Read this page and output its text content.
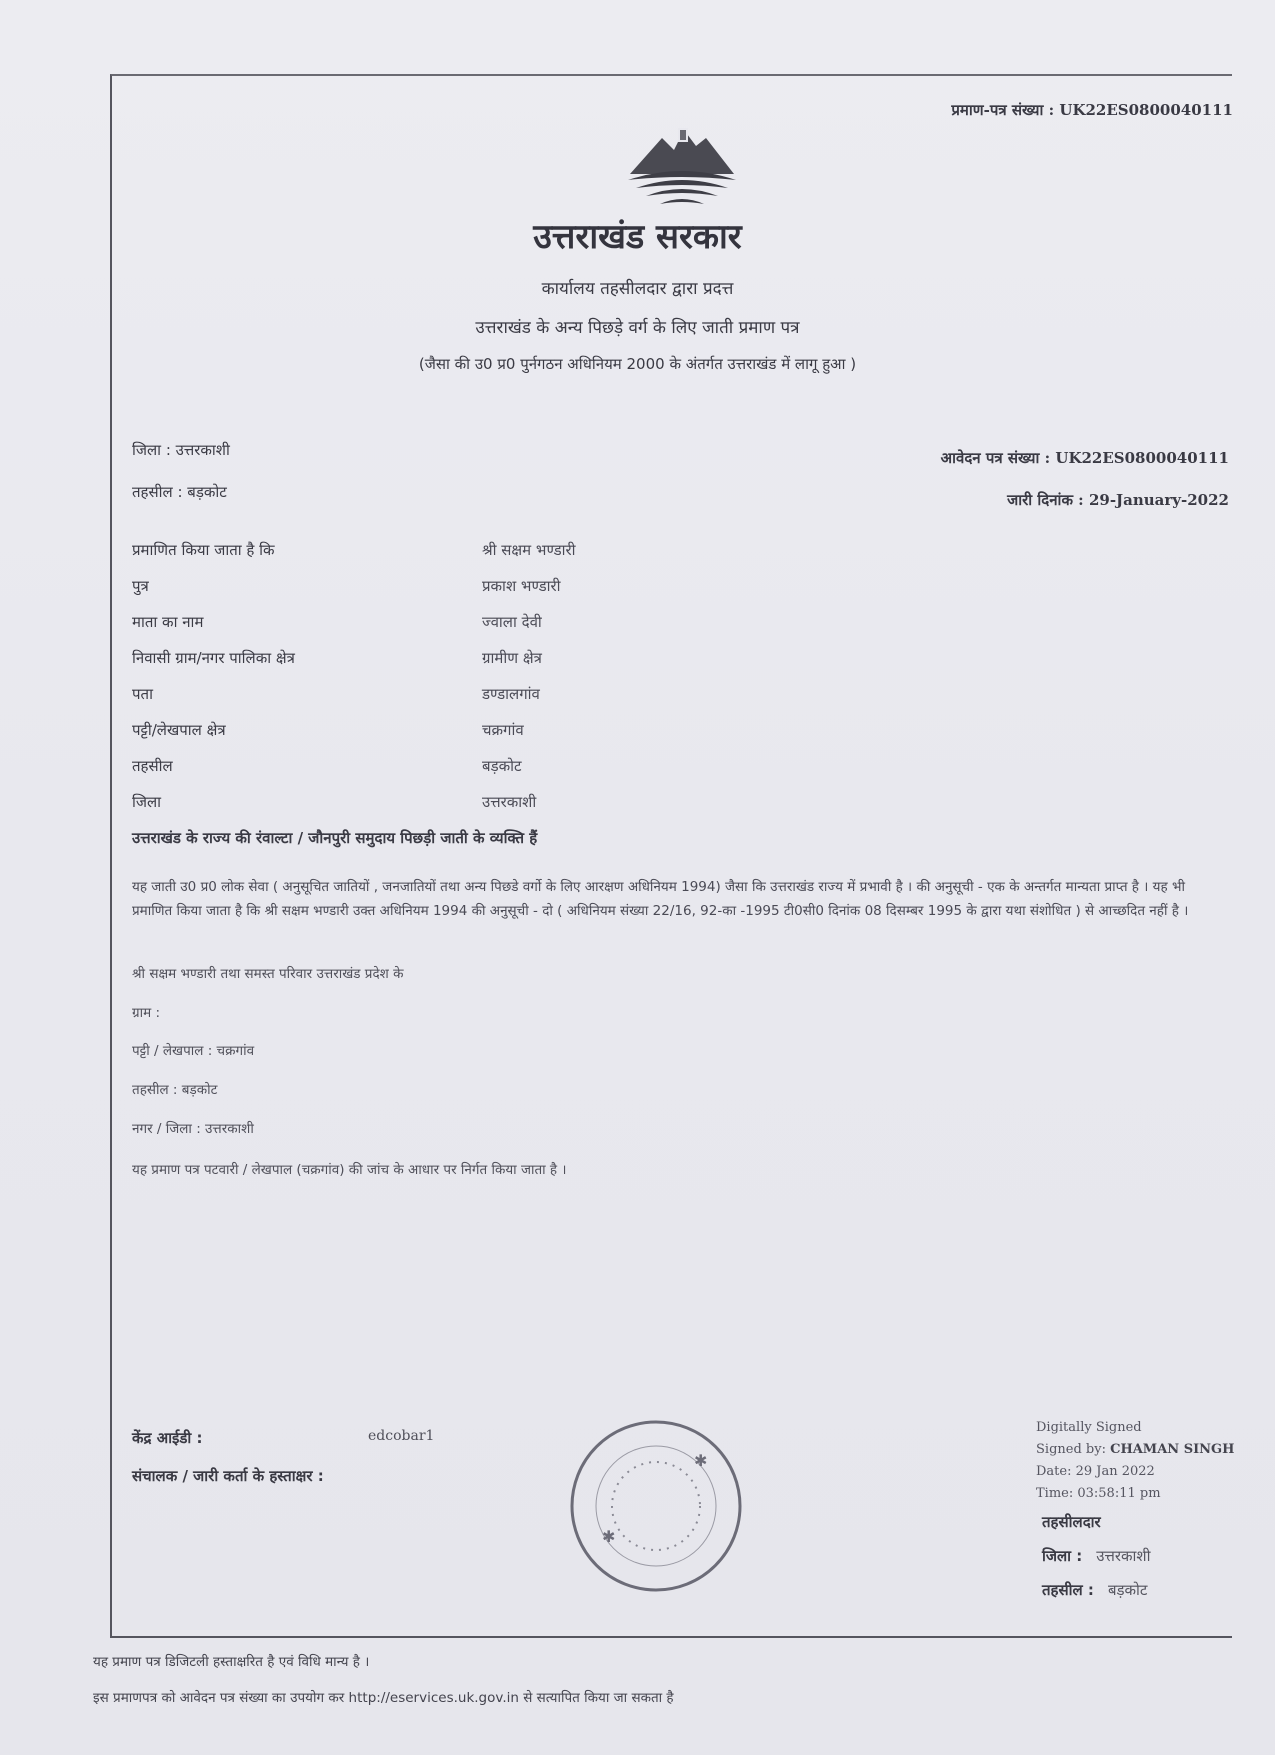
प्रमाण-पत्र संख्या : UK22ES0800040111
उत्तराखंड सरकार
कार्यालय तहसीलदार द्वारा प्रदत्त
उत्तराखंड के अन्य पिछड़े वर्ग के लिए जाती प्रमाण पत्र
(जैसा की उ0 प्र0 पुर्नगठन अधिनियम 2000 के अंतर्गत उत्तराखंड में लागू हुआ )
जिला : उत्तरकाशी
तहसील : बड़कोट
आवेदन पत्र संख्या : UK22ES0800040111
जारी दिनांक : 29-January-2022
प्रमाणित किया जाता है कि	श्री सक्षम भण्डारी
पुत्र	प्रकाश भण्डारी
माता का नाम	ज्वाला देवी
निवासी ग्राम/नगर पालिका क्षेत्र	ग्रामीण क्षेत्र
पता	डण्डालगांव
पट्टी/लेखपाल क्षेत्र	चक्रगांव
तहसील	बड़कोट
जिला	उत्तरकाशी
उत्तराखंड के राज्य की रंवाल्टा / जौनपुरी समुदाय पिछड़ी जाती के व्यक्ति हैं
यह जाती उ0 प्र0 लोक सेवा ( अनुसूचित जातियों , जनजातियों तथा अन्य पिछडे वर्गो के लिए आरक्षण अधिनियम 1994) जैसा कि उत्तराखंड राज्य में प्रभावी है । की अनुसूची - एक के अन्तर्गत मान्यता प्राप्त है । यह भी प्रमाणित किया जाता है कि श्री सक्षम भण्डारी उक्त अधिनियम 1994 की अनुसूची - दो ( अधिनियम संख्या 22/16, 92-का -1995 टी0सी0 दिनांक 08 दिसम्बर 1995 के द्वारा यथा संशोधित ) से आच्छदित नहीं है ।
श्री सक्षम भण्डारी तथा समस्त परिवार उत्तराखंड प्रदेश के
ग्राम :
पट्टी / लेखपाल : चक्रगांव
तहसील : बड़कोट
नगर / जिला : उत्तरकाशी
यह प्रमाण पत्र पटवारी / लेखपाल (चक्रगांव) की जांच के आधार पर निर्गत किया जाता है ।
केंद्र आईडी :	edcobar1
संचालक / जारी कर्ता के हस्ताक्षर :
✱
✱
Digitally Signed
Signed by: CHAMAN SINGH
Date: 29 Jan 2022
Time: 03:58:11 pm
तहसीलदार
जिला : उत्तरकाशी
तहसील : बड़कोट
यह प्रमाण पत्र डिजिटली हस्ताक्षरित है एवं विधि मान्य है ।
इस प्रमाणपत्र को आवेदन पत्र संख्या का उपयोग कर http://eservices.uk.gov.in से सत्यापित किया जा सकता है
